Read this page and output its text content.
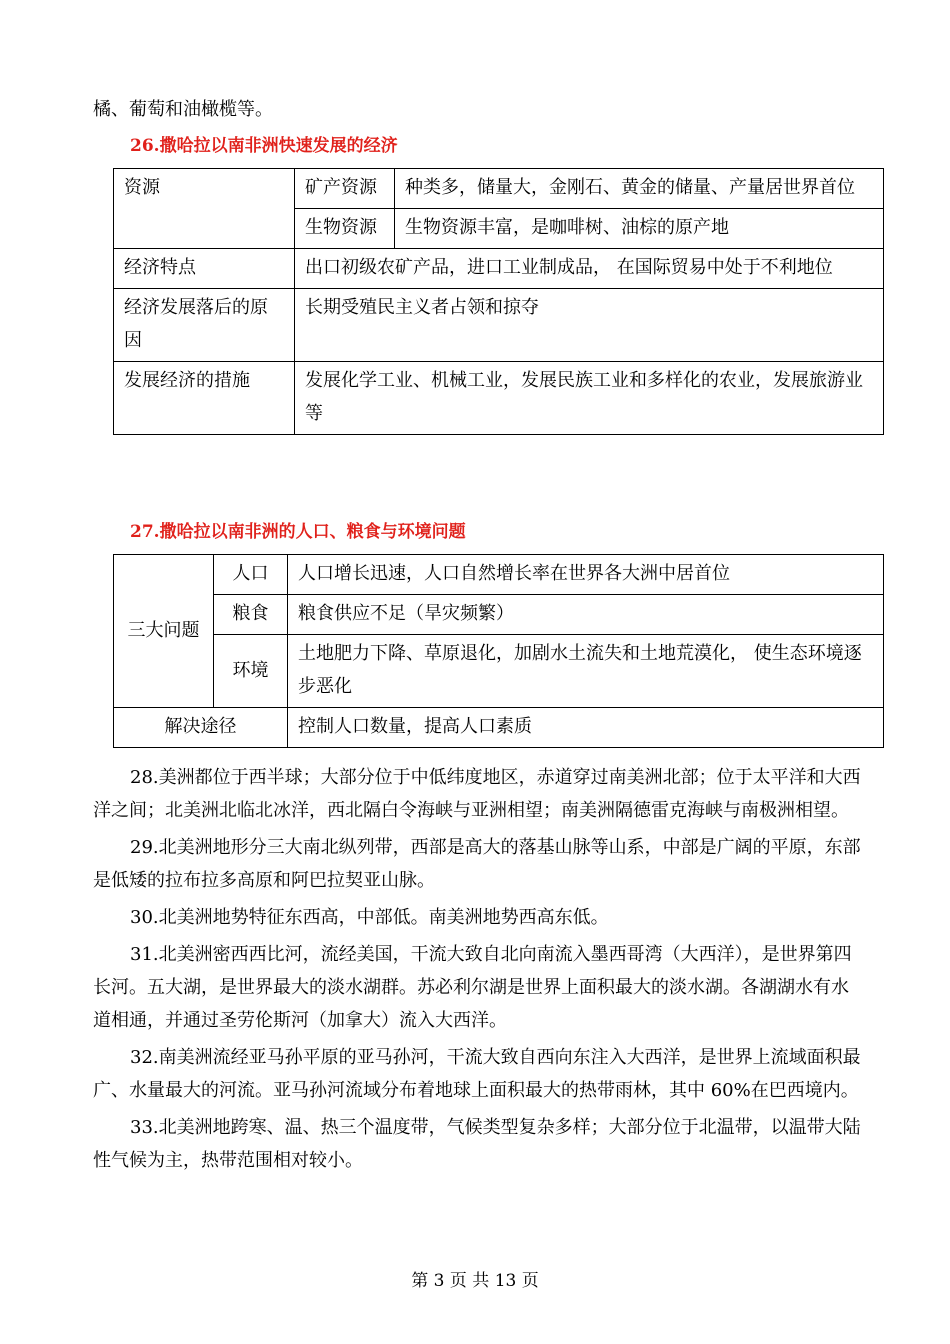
橘、葡萄和油橄榄等。
26.撒哈拉以南非洲快速发展的经济
资源	矿产资源	种类多，储量大，金刚石、黄金的储量、产量居世界首位
	生物资源	生物资源丰富，是咖啡树、油棕的原产地
经济特点	出口初级农矿产品，进口工业制成品， 在国际贸易中处于不利地位	
经济发展落后的原因	长期受殖民主义者占领和掠夺	
发展经济的措施	发展化学工业、机械工业，发展民族工业和多样化的农业，发展旅游业等	
27.撒哈拉以南非洲的人口、粮食与环境问题
三大问题	人口	人口增长迅速，人口自然增长率在世界各大洲中居首位
	粮食	粮食供应不足（旱灾频繁）
	环境	土地肥力下降、草原退化，加剧水土流失和土地荒漠化， 使生态环境逐步恶化
解决途径		控制人口数量，提高人口素质

28.美洲都位于西半球；大部分位于中低纬度地区，赤道穿过南美洲北部；位于太平洋和大西洋之间；北美洲北临北冰洋，西北隔白令海峡与亚洲相望；南美洲隔德雷克海峡与南极洲相望。

29.北美洲地形分三大南北纵列带，西部是高大的落基山脉等山系，中部是广阔的平原，东部是低矮的拉布拉多高原和阿巴拉契亚山脉。

30.北美洲地势特征东西高，中部低。南美洲地势西高东低。

31.北美洲密西西比河，流经美国，干流大致自北向南流入墨西哥湾（大西洋），是世界第四长河。五大湖，是世界最大的淡水湖群。苏必利尔湖是世界上面积最大的淡水湖。各湖湖水有水道相通，并通过圣劳伦斯河（加拿大）流入大西洋。

32.南美洲流经亚马孙平原的亚马孙河，干流大致自西向东注入大西洋，是世界上流域面积最广、水量最大的河流。亚马孙河流域分布着地球上面积最大的热带雨林，其中 60%在巴西境内。

33.北美洲地跨寒、温、热三个温度带，气候类型复杂多样；大部分位于北温带，以温带大陆性气候为主，热带范围相对较小。

第 3 页 共 13 页
